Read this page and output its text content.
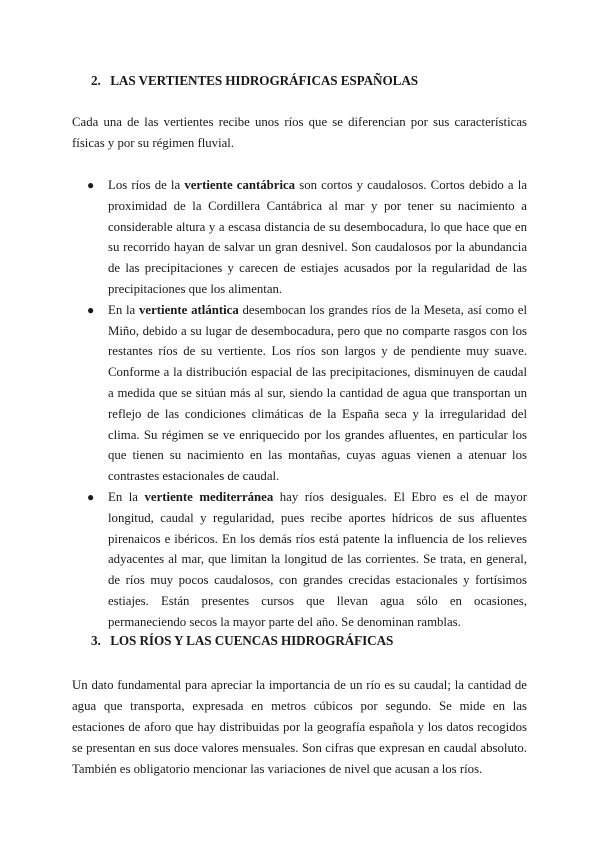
2. LAS VERTIENTES HIDROGRÁFICAS ESPAÑOLAS

Cada una de las vertientes recibe unos ríos que se diferencian por sus características físicas y por su régimen fluvial.

● Los ríos de la vertiente cantábrica son cortos y caudalosos. Cortos debido a la proximidad de la Cordillera Cantábrica al mar y por tener su nacimiento a considerable altura y a escasa distancia de su desembocadura, lo que hace que en su recorrido hayan de salvar un gran desnivel. Son caudalosos por la abundancia de las precipitaciones y carecen de estiajes acusados por la regularidad de las precipitaciones que los alimentan.
● En la vertiente atlántica desembocan los grandes ríos de la Meseta, así como el Miño, debido a su lugar de desembocadura, pero que no comparte rasgos con los restantes ríos de su vertiente. Los ríos son largos y de pendiente muy suave. Conforme a la distribución espacial de las precipitaciones, disminuyen de caudal a medida que se sitúan más al sur, siendo la cantidad de agua que transportan un reflejo de las condiciones climáticas de la España seca y la irregularidad del clima. Su régimen se ve enriquecido por los grandes afluentes, en particular los que tienen su nacimiento en las montañas, cuyas aguas vienen a atenuar los contrastes estacionales de caudal.
● En la vertiente mediterránea hay ríos desiguales. El Ebro es el de mayor longitud, caudal y regularidad, pues recibe aportes hídricos de sus afluentes pirenaicos e ibéricos. En los demás ríos está patente la influencia de los relieves adyacentes al mar, que limitan la longitud de las corrientes. Se trata, en general, de ríos muy pocos caudalosos, con grandes crecidas estacionales y fortísimos estiajes. Están presentes cursos que llevan agua sólo en ocasiones, permaneciendo secos la mayor parte del año. Se denominan ramblas.
3. LOS RÍOS Y LAS CUENCAS HIDROGRÁFICAS

Un dato fundamental para apreciar la importancia de un río es su caudal; la cantidad de agua que transporta, expresada en metros cúbicos por segundo. Se mide en las estaciones de aforo que hay distribuidas por la geografía española y los datos recogidos se presentan en sus doce valores mensuales. Son cifras que expresan en caudal absoluto. También es obligatorio mencionar las variaciones de nivel que acusan a los ríos.
